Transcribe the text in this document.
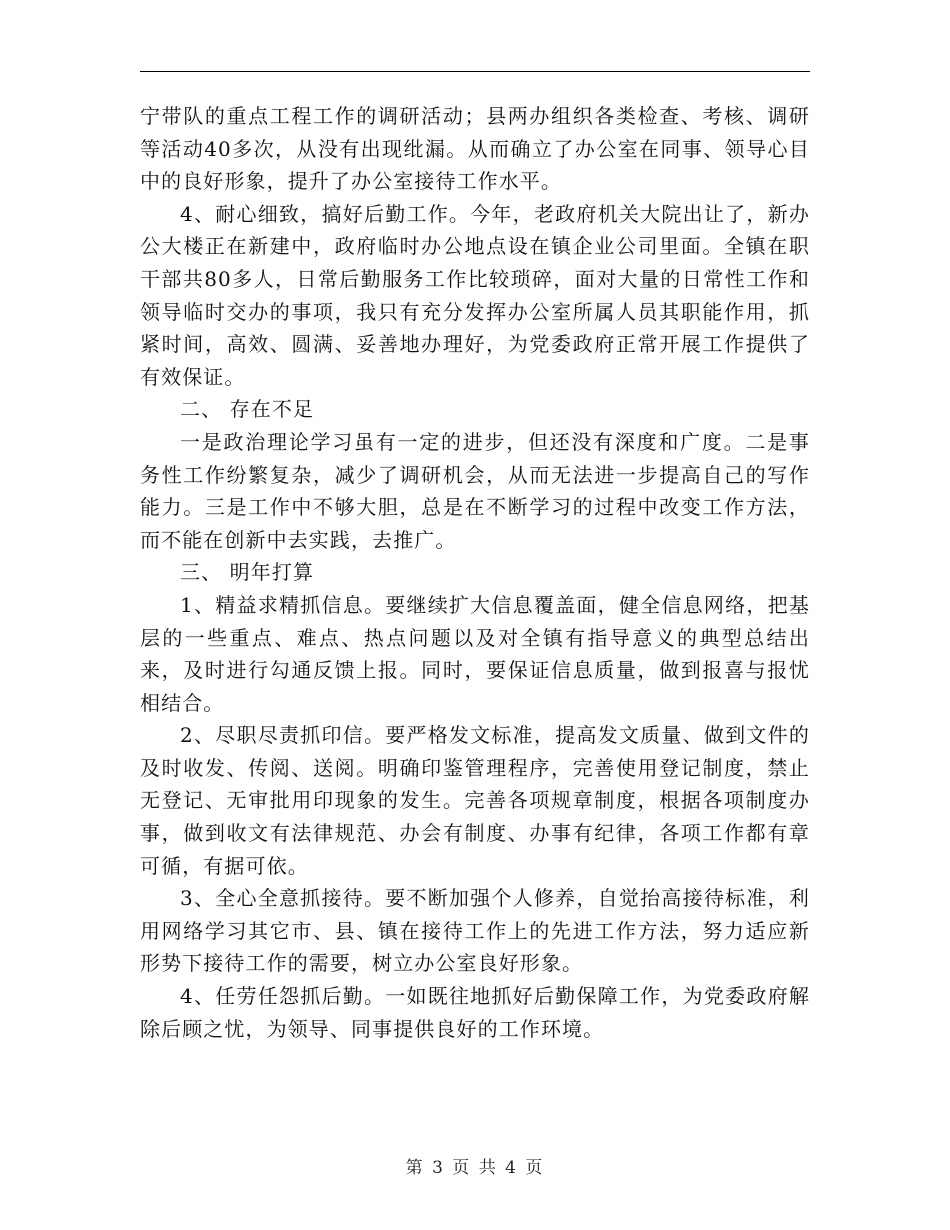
宁带队的重点工程工作的调研活动；县两办组织各类检查、考核、调研等活动40多次，从没有出现纰漏。从而确立了办公室在同事、领导心目中的良好形象，提升了办公室接待工作水平。

4、耐心细致，搞好后勤工作。今年，老政府机关大院出让了，新办公大楼正在新建中，政府临时办公地点设在镇企业公司里面。全镇在职干部共80多人，日常后勤服务工作比较琐碎，面对大量的日常性工作和领导临时交办的事项，我只有充分发挥办公室所属人员其职能作用，抓紧时间，高效、圆满、妥善地办理好，为党委政府正常开展工作提供了有效保证。

二、 存在不足

一是政治理论学习虽有一定的进步，但还没有深度和广度。二是事务性工作纷繁复杂，减少了调研机会，从而无法进一步提高自己的写作能力。三是工作中不够大胆，总是在不断学习的过程中改变工作方法，而不能在创新中去实践，去推广。

三、 明年打算

1、精益求精抓信息。要继续扩大信息覆盖面，健全信息网络，把基层的一些重点、难点、热点问题以及对全镇有指导意义的典型总结出来，及时进行勾通反馈上报。同时，要保证信息质量，做到报喜与报忧相结合。

2、尽职尽责抓印信。要严格发文标准，提高发文质量、做到文件的及时收发、传阅、送阅。明确印鉴管理程序，完善使用登记制度，禁止无登记、无审批用印现象的发生。完善各项规章制度，根据各项制度办事，做到收文有法律规范、办会有制度、办事有纪律，各项工作都有章可循，有据可依。

3、全心全意抓接待。要不断加强个人修养，自觉抬高接待标准，利用网络学习其它市、县、镇在接待工作上的先进工作方法，努力适应新形势下接待工作的需要，树立办公室良好形象。

4、任劳任怨抓后勤。一如既往地抓好后勤保障工作，为党委政府解除后顾之忧，为领导、同事提供良好的工作环境。

第 3 页 共 4 页
